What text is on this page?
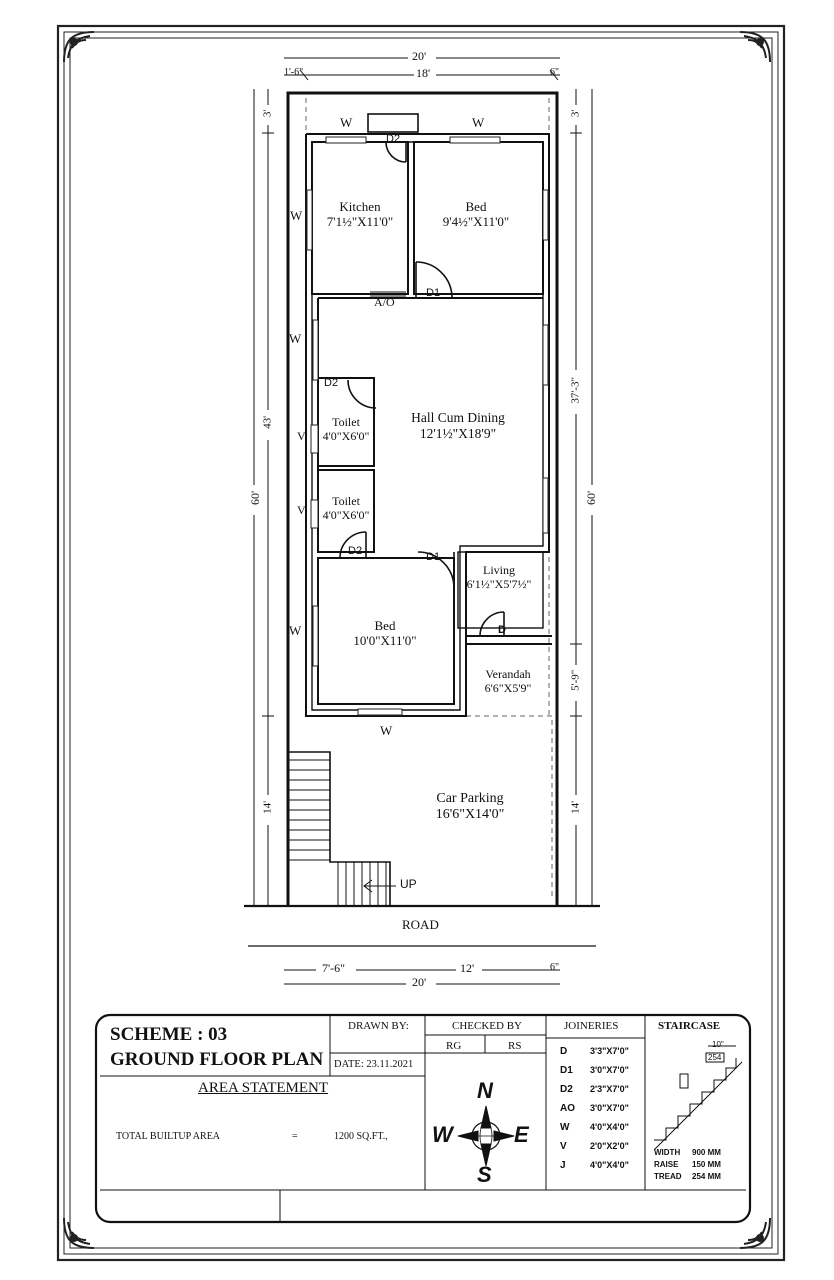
Kitchen
7'1½"X11'0"
Bed
9'4½"X11'0"
Hall Cum Dining
12'1½"X18'9"
Toilet
4'0"X6'0"
Toilet
4'0"X6'0"
Bed
10'0"X11'0"
Living
6'1½"X5'7½"
Verandah
6'6"X5'9"
Car Parking
16'6"X14'0"
W	W
W
W
W
W
V
V
D2
D2
D2
D1
D1
D
A/O
UP
ROAD
20'
18'
1'-6"	6"
7'-6"	12'	6"
20'
60'
3'
43'
14'
60'
3'
37'-3"
5'-9"
14'
SCHEME : 03
GROUND FLOOR PLAN
DRAWN BY:	CHECKED BY
RG	RS
DATE: 23.11.2021
AREA STATEMENT
TOTAL BUILTUP AREA	=	1200 SQ.FT.,
N
S
W	E
JOINERIES	STAIRCASE
10"
254
D	3'3"X7'0"
D1 3'0"X7'0"
D2 2'3"X7'0"
AO 3'0"X7'0"
W 4'0"X4'0"
V	2'0"X2'0"
J	4'0"X4'0"
WIDTH 900 MM
RAISE 150 MM
TREAD 254 MM
